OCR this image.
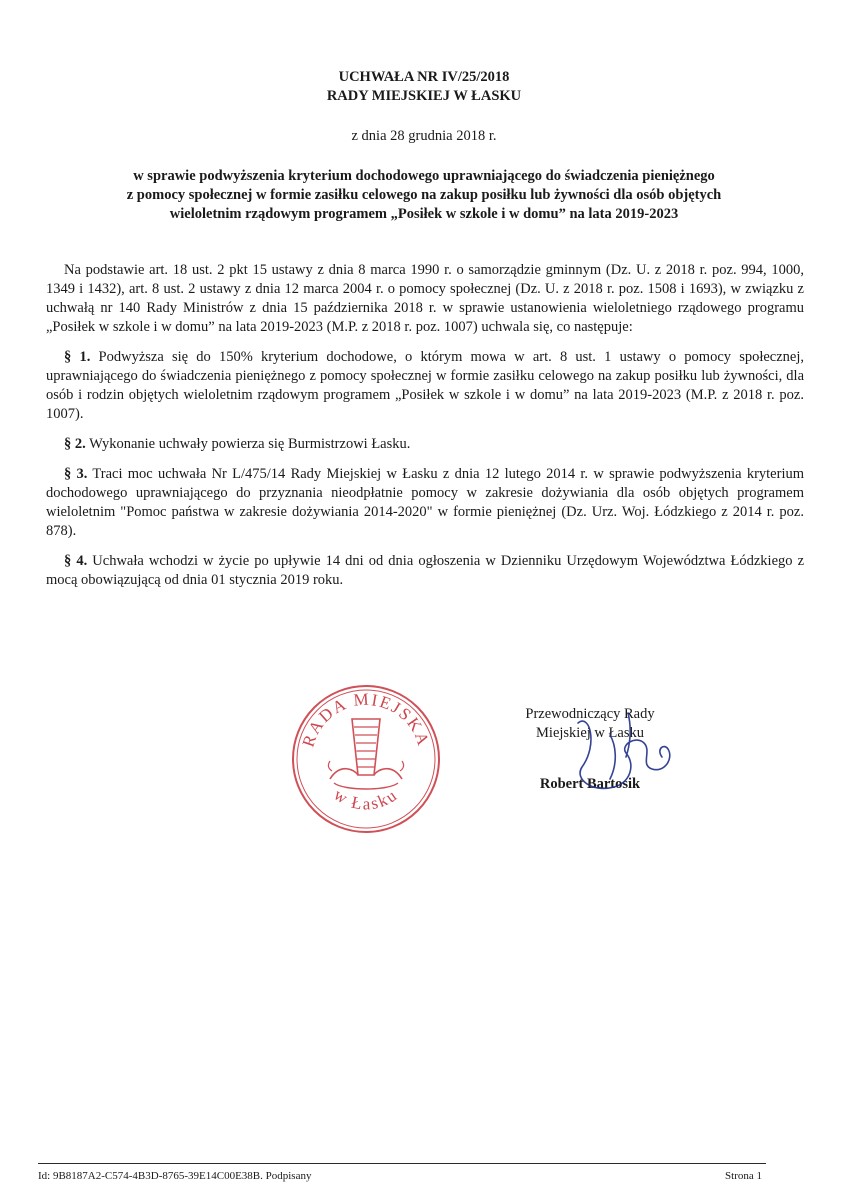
UCHWAŁA NR IV/25/2018
RADY MIEJSKIEJ W ŁASKU
z dnia 28 grudnia 2018 r.
w sprawie podwyższenia kryterium dochodowego uprawniającego do świadczenia pieniężnego
z pomocy społecznej w formie zasiłku celowego na zakup posiłku lub żywności dla osób objętych
wieloletnim rządowym programem „Posiłek w szkole i w domu” na lata 2019-2023

Na podstawie art. 18 ust. 2 pkt 15 ustawy z dnia 8 marca 1990 r. o samorządzie gminnym (Dz. U. z 2018 r. poz. 994, 1000, 1349 i 1432), art. 8 ust. 2 ustawy z dnia 12 marca 2004 r. o pomocy społecznej (Dz. U. z 2018 r. poz. 1508 i 1693), w związku z uchwałą nr 140 Rady Ministrów z dnia 15 października 2018 r. w sprawie ustanowienia wieloletniego rządowego programu „Posiłek w szkole i w domu” na lata 2019-2023 (M.P. z 2018 r. poz. 1007) uchwala się, co następuje:

§ 1. Podwyższa się do 150% kryterium dochodowe, o którym mowa w art. 8 ust. 1 ustawy o pomocy społecznej, uprawniającego do świadczenia pieniężnego z pomocy społecznej w formie zasiłku celowego na zakup posiłku lub żywności, dla osób i rodzin objętych wieloletnim rządowym programem „Posiłek w szkole i w domu” na lata 2019-2023 (M.P. z 2018 r. poz. 1007).

§ 2. Wykonanie uchwały powierza się Burmistrzowi Łasku.

§ 3. Traci moc uchwała Nr L/475/14 Rady Miejskiej w Łasku z dnia 12 lutego 2014 r. w sprawie podwyższenia kryterium dochodowego uprawniającego do przyznania nieodpłatnie pomocy w zakresie dożywiania dla osób objętych programem wieloletnim "Pomoc państwa w zakresie dożywiania 2014-2020" w formie pieniężnej (Dz. Urz. Woj. Łódzkiego z 2014 r. poz. 878).

§ 4. Uchwała wchodzi w życie po upływie 14 dni od dnia ogłoszenia w Dzienniku Urzędowym Województwa Łódzkiego z mocą obowiązującą od dnia 01 stycznia 2019 roku.

RADA MIEJSKA
w Łasku
Przewodniczący Rady
Miejskiej w Łasku
Robert Bartosik
Id: 9B8187A2-C574-4B3D-8765-39E14C00E38B. Podpisany	Strona 1
